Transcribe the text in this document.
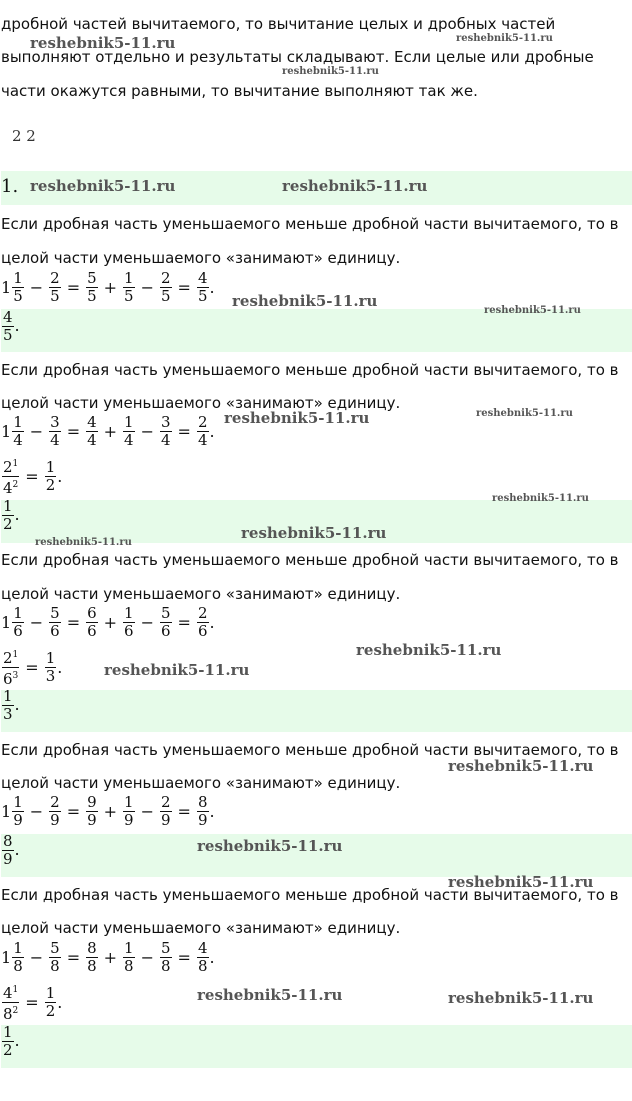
дробной частей вычитаемого, то вычитание целых и дробных частей
выполняют отдельно и результаты складывают. Если целые или дробные
части окажутся равными, то вычитание выполняют так же.
2 2
1.
Если дробная часть уменьшаемого меньше дробной части вычитаемого, то в
целой части уменьшаемого «занимают» единицу.
$1 \frac{1}{5} - \frac{2}{5} = \frac{5}{5} + \frac{1}{5} - \frac{2}{5} = \frac{4}{5}$ .
$\frac{4}{5}$ .
Если дробная часть уменьшаемого меньше дробной части вычитаемого, то в
целой части уменьшаемого «занимают» единицу.
$1 \frac{1}{4} - \frac{3}{4} = \frac{4}{4} + \frac{1}{4} - \frac{3}{4} = \frac{2}{4}$ .
$\frac{2^1}{4^2} = \frac{1}{2}$ .
$\frac{1}{2}$ .
Если дробная часть уменьшаемого меньше дробной части вычитаемого, то в
целой части уменьшаемого «занимают» единицу.
$1 \frac{1}{6} - \frac{5}{6} = \frac{6}{6} + \frac{1}{6} - \frac{5}{6} = \frac{2}{6}$ .
$\frac{2^1}{6^3} = \frac{1}{3}$ .
$\frac{1}{3}$ .
Если дробная часть уменьшаемого меньше дробной части вычитаемого, то в
целой части уменьшаемого «занимают» единицу.
$1 \frac{1}{9} - \frac{2}{9} = \frac{9}{9} + \frac{1}{9} - \frac{2}{9} = \frac{8}{9}$ .
$\frac{8}{9}$ .
Если дробная часть уменьшаемого меньше дробной части вычитаемого, то в
целой части уменьшаемого «занимают» единицу.
$1 \frac{1}{8} - \frac{5}{8} = \frac{8}{8} + \frac{1}{8} - \frac{5}{8} = \frac{4}{8}$ .
$\frac{4^1}{8^2} = \frac{1}{2}$ .
$\frac{1}{2}$ .
reshebnik5-11.ru	reshebnik5-11.ru
reshebnik5-11.ru
reshebnik5-11.ru	reshebnik5-11.ru
reshebnik5-11.ru
reshebnik5-11.ru
reshebnik5-11.ru	reshebnik5-11.ru
reshebnik5-11.ru
reshebnik5-11.ru
reshebnik5-11.ru
reshebnik5-11.ru
reshebnik5-11.ru
reshebnik5-11.ru
reshebnik5-11.ru
reshebnik5-11.ru
reshebnik5-11.ru	reshebnik5-11.ru
